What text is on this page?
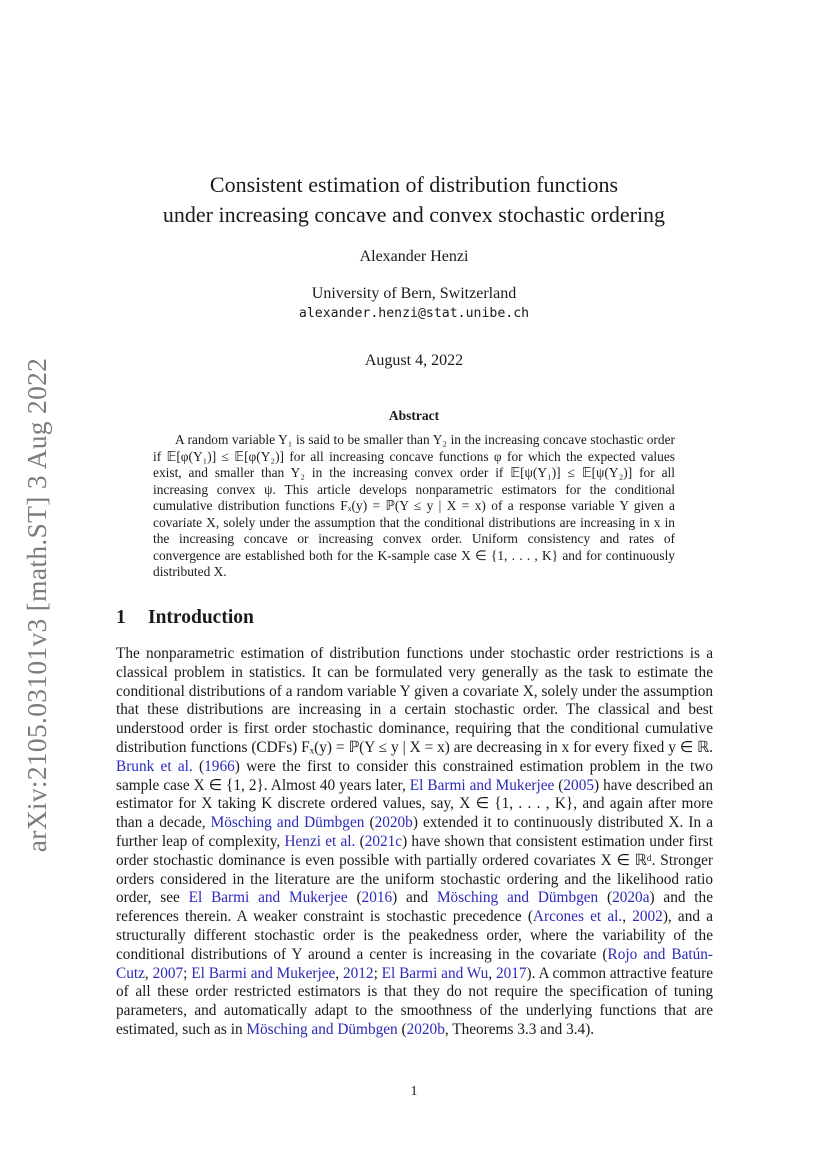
arXiv:2105.03101v3 [math.ST] 3 Aug 2022
Consistent estimation of distribution functions
under increasing concave and convex stochastic ordering
Alexander Henzi
University of Bern, Switzerland
alexander.henzi@stat.unibe.ch
August 4, 2022
Abstract

A random variable Y₁ is said to be smaller than Y₂ in the increasing concave stochastic order if 𝔼[φ(Y₁)] ≤ 𝔼[φ(Y₂)] for all increasing concave functions φ for which the expected values exist, and smaller than Y₂ in the increasing convex order if 𝔼[ψ(Y₁)] ≤ 𝔼[ψ(Y₂)] for all increasing convex ψ. This article develops nonparametric estimators for the conditional cumulative distribution functions Fₓ(y) = ℙ(Y ≤ y | X = x) of a response variable Y given a covariate X, solely under the assumption that the conditional distributions are increasing in x in the increasing concave or increasing convex order. Uniform consistency and rates of convergence are established both for the K-sample case X ∈ {1, . . . , K} and for continuously distributed X.

1 Introduction

The nonparametric estimation of distribution functions under stochastic order restrictions is a classical problem in statistics. It can be formulated very generally as the task to estimate the conditional distributions of a random variable Y given a covariate X, solely under the assumption that these distributions are increasing in a certain stochastic order. The classical and best understood order is first order stochastic dominance, requiring that the conditional cumulative distribution functions (CDFs) Fₓ(y) = ℙ(Y ≤ y | X = x) are decreasing in x for every fixed y ∈ ℝ. Brunk et al. (1966) were the first to consider this constrained estimation problem in the two sample case X ∈ {1, 2}. Almost 40 years later, El Barmi and Mukerjee (2005) have described an estimator for X taking K discrete ordered values, say, X ∈ {1, . . . , K}, and again after more than a decade, Mösching and Dümbgen (2020b) extended it to continuously distributed X. In a further leap of complexity, Henzi et al. (2021c) have shown that consistent estimation under first order stochastic dominance is even possible with partially ordered covariates X ∈ ℝᵈ. Stronger orders considered in the literature are the uniform stochastic ordering and the likelihood ratio order, see El Barmi and Mukerjee (2016) and Mösching and Dümbgen (2020a) and the references therein. A weaker constraint is stochastic precedence (Arcones et al., 2002), and a structurally different stochastic order is the peakedness order, where the variability of the conditional distributions of Y around a center is increasing in the covariate (Rojo and Batún-Cutz, 2007; El Barmi and Mukerjee, 2012; El Barmi and Wu, 2017). A common attractive feature of all these order restricted estimators is that they do not require the specification of tuning parameters, and automatically adapt to the smoothness of the underlying functions that are estimated, such as in Mösching and Dümbgen (2020b, Theorems 3.3 and 3.4).

1
